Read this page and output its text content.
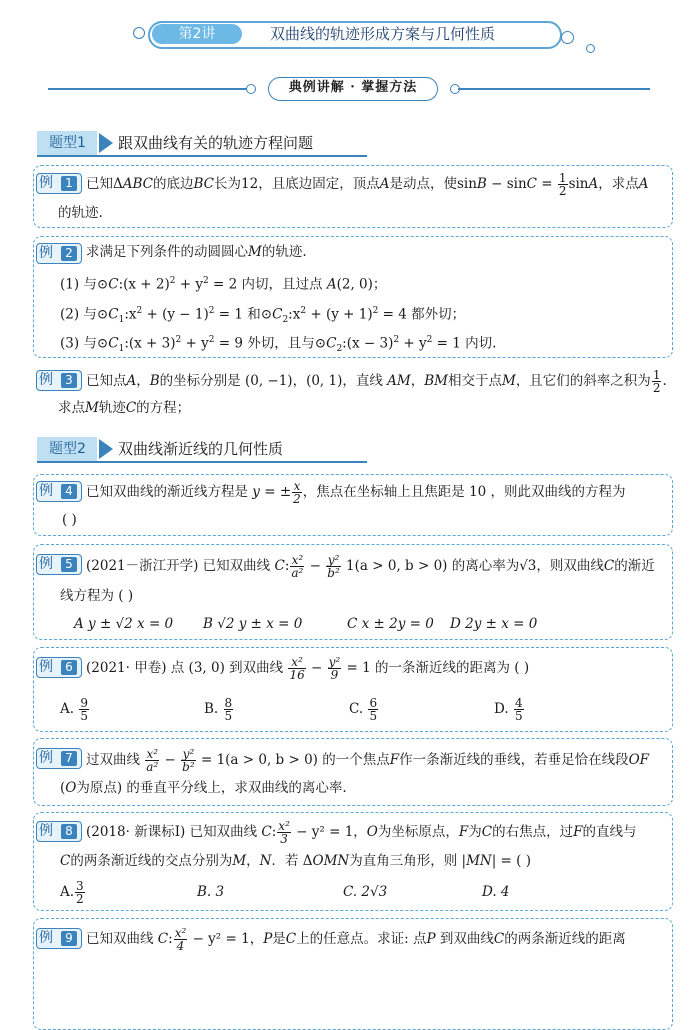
第2讲	双曲线的轨迹形成方案与几何性质
典例讲解 · 掌握方法
题型1	跟双曲线有关的轨迹方程问题
例	1 已知ΔABC的底边BC长为12，且底边固定，顶点A是动点，使$\sin B - \sin C = \frac{1}{2}$ sinA，求点A
的轨迹.
例	2 求满足下列条件的动圆圆心M的轨迹.
(1) 与⊙C:(x + $2)^2 + y^2 = 2$ 内切，且过点 A(2, 0)；
(2) 与$⊙C_1:x^2 + (y - 1)^2 = 1$ 和$⊙C_2:x^2 + (y + 1)^2 = 4$ 都外切；
(3) 与$⊙C_1:(x + 3)^2 + y^2 = 9$ 外切，且与$⊙C_2:(x - 3)^2 + y^2 = 1$ 内切.
例	3 已知点A，B的坐标分别是 (0, −1)，(0, 1)，直线 AM，BM相交于点M，且它们的斜率之积为 $\frac{1}{2}$ .
求点M轨迹C的方程；
题型2	双曲线渐近线的几何性质
例	4 已知双曲线的渐近线方程是 y = ± $\frac{x}{2}$ ，焦点在坐标轴上且焦距是 10 ，则此双曲线的方程为
( )
例	5 (2021－浙江开学) 已知双曲线 C: $\frac{\text{x²}}{\text{a²}} - \frac{\text{y²}}{\text{b²}} 1(a > 0$, b > 0) 的离心率为√3，则双曲线C的渐近
线方程为 ( )
A y ± √2 x = 0 B √2 y ± x = 0	C x ± 2y = 0 D 2y ± x = 0
例	6 (2021· 甲卷) 点 (3, 0) 到双曲线 $\frac{\text{x²}}{16} - \frac{\text{y²}}{9} = 1$ 的一条渐近线的距离为 ( )
A. $\frac{9}{5}$	B. $\frac{8}{5}$	C. $\frac{6}{5}$	D. $\frac{4}{5}$
例	7 过双曲线 $\frac{\text{x²}}{\text{a²}} - \frac{\text{y²}}{\text{b²}} = 1(a > 0$, b > 0) 的一个焦点F作一条渐近线的垂线，若垂足恰在线段OF
(O为原点) 的垂直平分线上，求双曲线的离心率.
例	8 (2018· 新课标Ⅰ) 已知双曲线 C: $\frac{\text{x²}}{3} - y^2 = 1$，O为坐标原点，F为C的右焦点，过F的直线与
C的两条渐近线的交点分别为M，N．若 ΔOMN为直角三角形，则 |MN| = ( )
A. $\frac{3}{2}$	B. 3	C. 2√3	D. 4
例	9 已知双曲线 C: $\frac{\text{x²}}{4} - y^2 = 1$，P是C上的任意点。求证: 点P 到双曲线C的两条渐近线的距离
